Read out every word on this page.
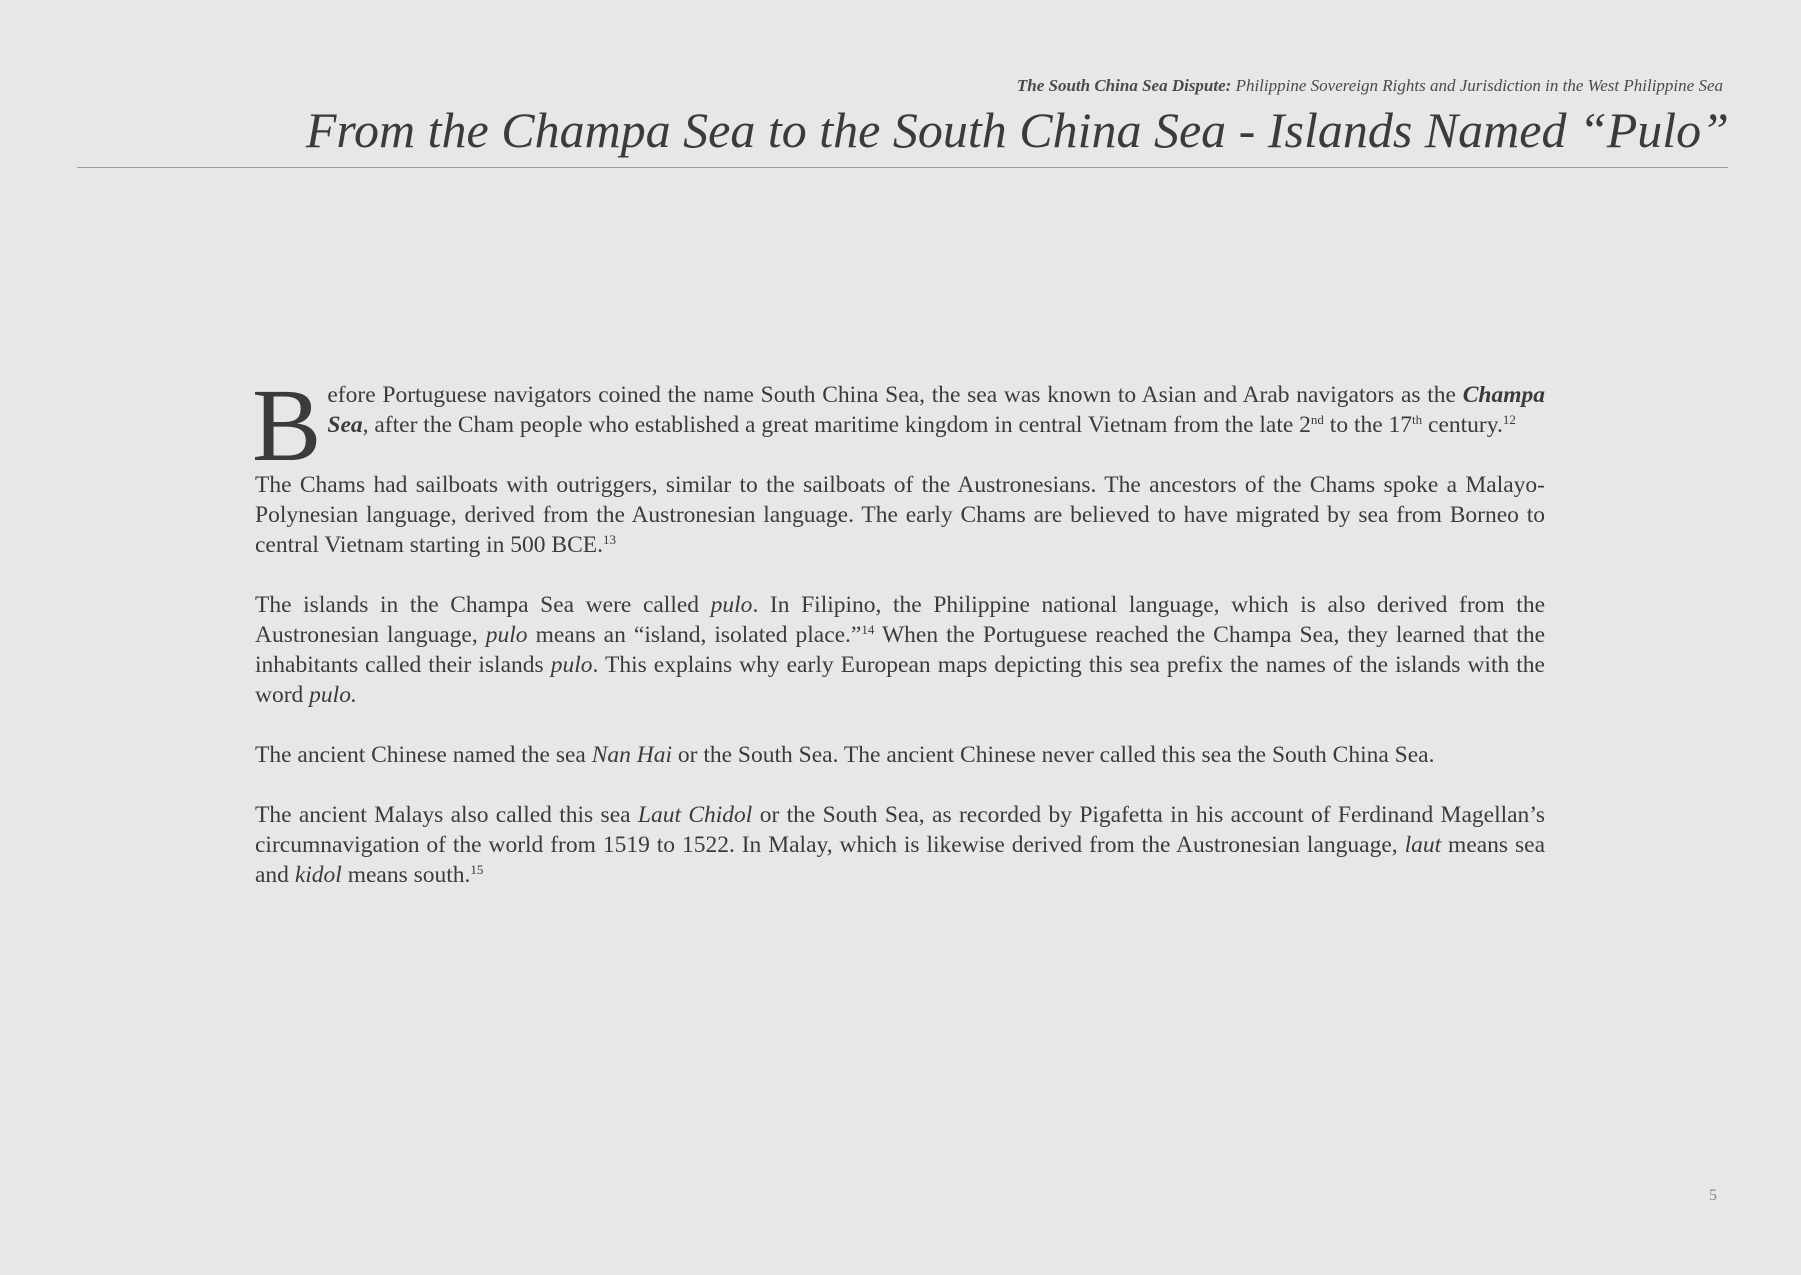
The South China Sea Dispute: Philippine Sovereign Rights and Jurisdiction in the West Philippine Sea
From the Champa Sea to the South China Sea - Islands Named “Pulo”

Before Portuguese navigators coined the name South China Sea, the sea was known to Asian and Arab navigators as the Champa Sea, after the Cham people who established a great maritime kingdom in central Vietnam from the late 2nd to the 17th century.$^{12}$

The Chams had sailboats with outriggers, similar to the sailboats of the Austronesians. The ancestors of the Chams spoke a Malayo-Polynesian language, derived from the Austronesian language. The early Chams are believed to have migrated by sea from Borneo to central Vietnam starting in 500 BCE.$^{13}$

The islands in the Champa Sea were called pulo. In Filipino, the Philippine national language, which is also derived from the Austronesian language, pulo means an “island, isolated place.”$^{14}$ When the Portuguese reached the Champa Sea, they learned that the inhabitants called their islands pulo. This explains why early European maps depicting this sea prefix the names of the islands with the word pulo.

The ancient Chinese named the sea Nan Hai or the South Sea. The ancient Chinese never called this sea the South China Sea.

The ancient Malays also called this sea Laut Chidol or the South Sea, as recorded by Pigafetta in his account of Ferdinand Magellan’s circumnavigation of the world from 1519 to 1522. In Malay, which is likewise derived from the Austronesian language, laut means sea and kidol means south.$^{15}$

5
